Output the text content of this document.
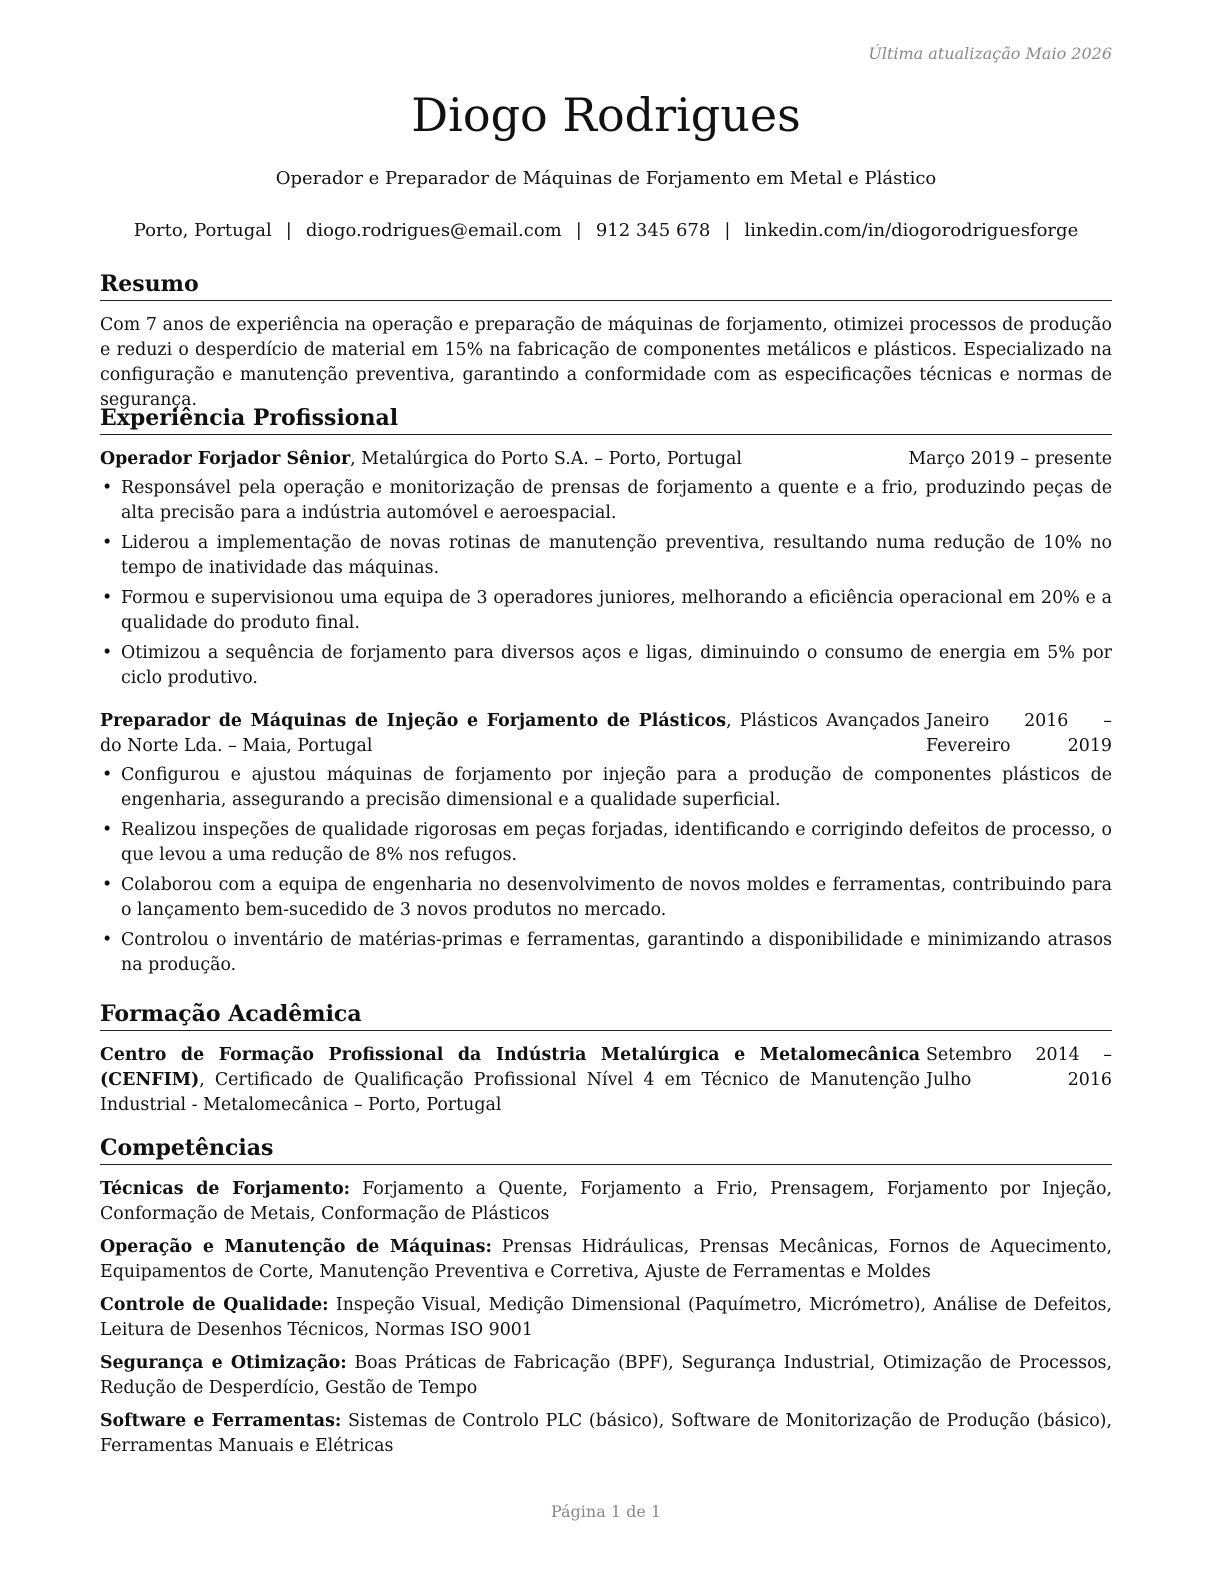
Última atualização Maio 2026
Diogo Rodrigues
Operador e Preparador de Máquinas de Forjamento em Metal e Plástico
Porto, Portugal | diogo.rodrigues@email.com | 912 345 678 | linkedin.com/in/diogorodriguesforge
Resumo

Com 7 anos de experiência na operação e preparação de máquinas de forjamento, otimizei processos de produção e reduzi o desperdício de material em 15% na fabricação de componentes metálicos e plásticos. Especializado na configuração e manutenção preventiva, garantindo a conformidade com as especificações técnicas e normas de segurança.

Experiência Profissional
Operador Forjador Sênior, Metalúrgica do Porto S.A. – Porto, Portugal	Março 2019 – presente
• Responsável pela operação e monitorização de prensas de forjamento a quente e a frio, produzindo peças de alta precisão para a indústria automóvel e aeroespacial.
• Liderou a implementação de novas rotinas de manutenção preventiva, resultando numa redução de 10% no tempo de inatividade das máquinas.
• Formou e supervisionou uma equipa de 3 operadores juniores, melhorando a eficiência operacional em 20% e a qualidade do produto final.
• Otimizou a sequência de forjamento para diversos aços e ligas, diminuindo o consumo de energia em 5% por ciclo produtivo.
Preparador de Máquinas de Injeção e Forjamento de Plásticos, Plásticos Avançados do Norte Lda. – Maia, Portugal
Janeiro 2016 – Fevereiro 2019
• Configurou e ajustou máquinas de forjamento por injeção para a produção de componentes plásticos de engenharia, assegurando a precisão dimensional e a qualidade superficial.
• Realizou inspeções de qualidade rigorosas em peças forjadas, identificando e corrigindo defeitos de processo, o que levou a uma redução de 8% nos refugos.
• Colaborou com a equipa de engenharia no desenvolvimento de novos moldes e ferramentas, contribuindo para o lançamento bem-sucedido de 3 novos produtos no mercado.
• Controlou o inventário de matérias-primas e ferramentas, garantindo a disponibilidade e minimizando atrasos na produção.
Formação Acadêmica
Centro de Formação Profissional da Indústria Metalúrgica e Metalomecânica (CENFIM), Certificado de Qualificação Profissional Nível 4 em Técnico de Manutenção Industrial - Metalomecânica – Porto, Portugal
Setembro 2014 – Julho 2016
Competências

Técnicas de Forjamento: Forjamento a Quente, Forjamento a Frio, Prensagem, Forjamento por Injeção, Conformação de Metais, Conformação de Plásticos

Operação e Manutenção de Máquinas: Prensas Hidráulicas, Prensas Mecânicas, Fornos de Aquecimento, Equipamentos de Corte, Manutenção Preventiva e Corretiva, Ajuste de Ferramentas e Moldes

Controle de Qualidade: Inspeção Visual, Medição Dimensional (Paquímetro, Micrómetro), Análise de Defeitos, Leitura de Desenhos Técnicos, Normas ISO 9001

Segurança e Otimização: Boas Práticas de Fabricação (BPF), Segurança Industrial, Otimização de Processos, Redução de Desperdício, Gestão de Tempo

Software e Ferramentas: Sistemas de Controlo PLC (básico), Software de Monitorização de Produção (básico), Ferramentas Manuais e Elétricas

Página 1 de 1
